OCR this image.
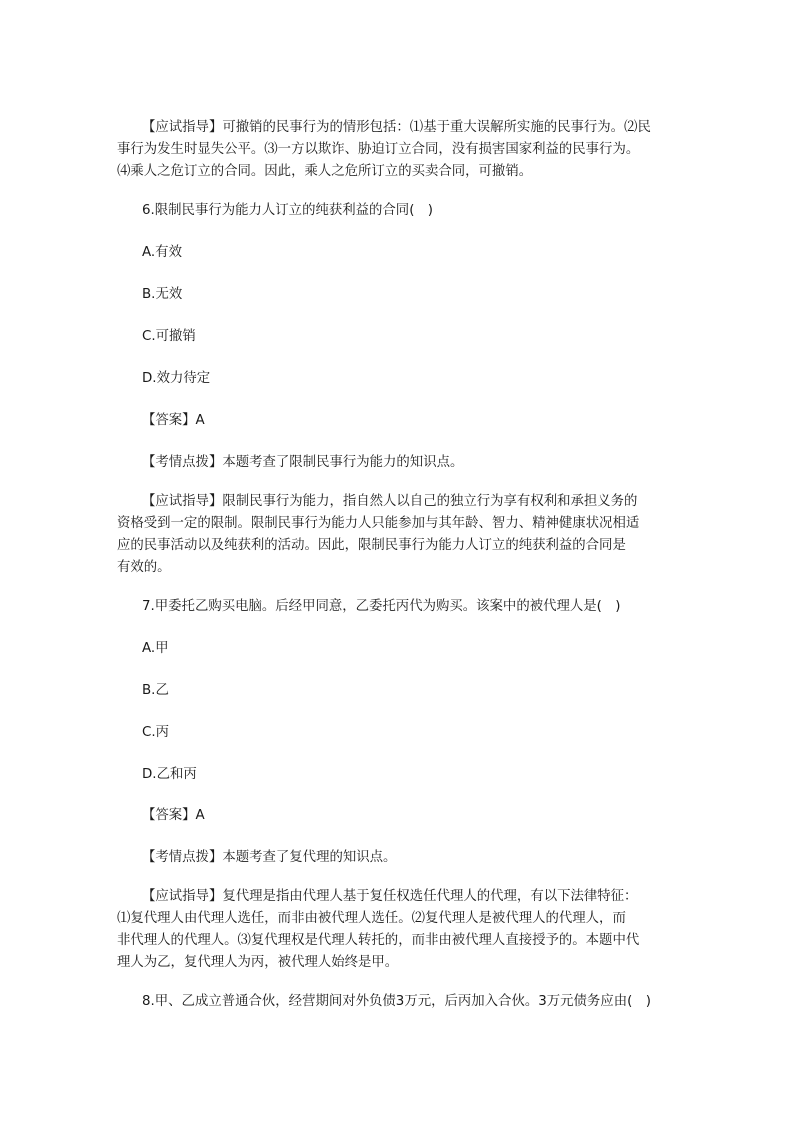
【应试指导】可撤销的民事行为的情形包括：⑴基于重大误解所实施的民事行为。⑵民
事行为发生时显失公平。⑶一方以欺诈、胁迫订立合同，没有损害国家利益的民事行为。
⑷乘人之危订立的合同。因此，乘人之危所订立的买卖合同，可撤销。

6.限制民事行为能力人订立的纯获利益的合同(　)

A.有效

B.无效

C.可撤销

D.效力待定

【答案】A

【考情点拨】本题考查了限制民事行为能力的知识点。

【应试指导】限制民事行为能力，指自然人以自己的独立行为享有权利和承担义务的
资格受到一定的限制。限制民事行为能力人只能参加与其年龄、智力、精神健康状况相适
应的民事活动以及纯获利的活动。因此，限制民事行为能力人订立的纯获利益的合同是
有效的。

7.甲委托乙购买电脑。后经甲同意，乙委托丙代为购买。该案中的被代理人是(　)

A.甲

B.乙

C.丙

D.乙和丙

【答案】A

【考情点拨】本题考查了复代理的知识点。

【应试指导】复代理是指由代理人基于复任权选任代理人的代理，有以下法律特征：
⑴复代理人由代理人选任，而非由被代理人选任。⑵复代理人是被代理人的代理人，而
非代理人的代理人。⑶复代理权是代理人转托的，而非由被代理人直接授予的。本题中代
理人为乙，复代理人为丙，被代理人始终是甲。

8.甲、乙成立普通合伙，经营期间对外负债3万元，后丙加入合伙。3万元债务应由(　)
